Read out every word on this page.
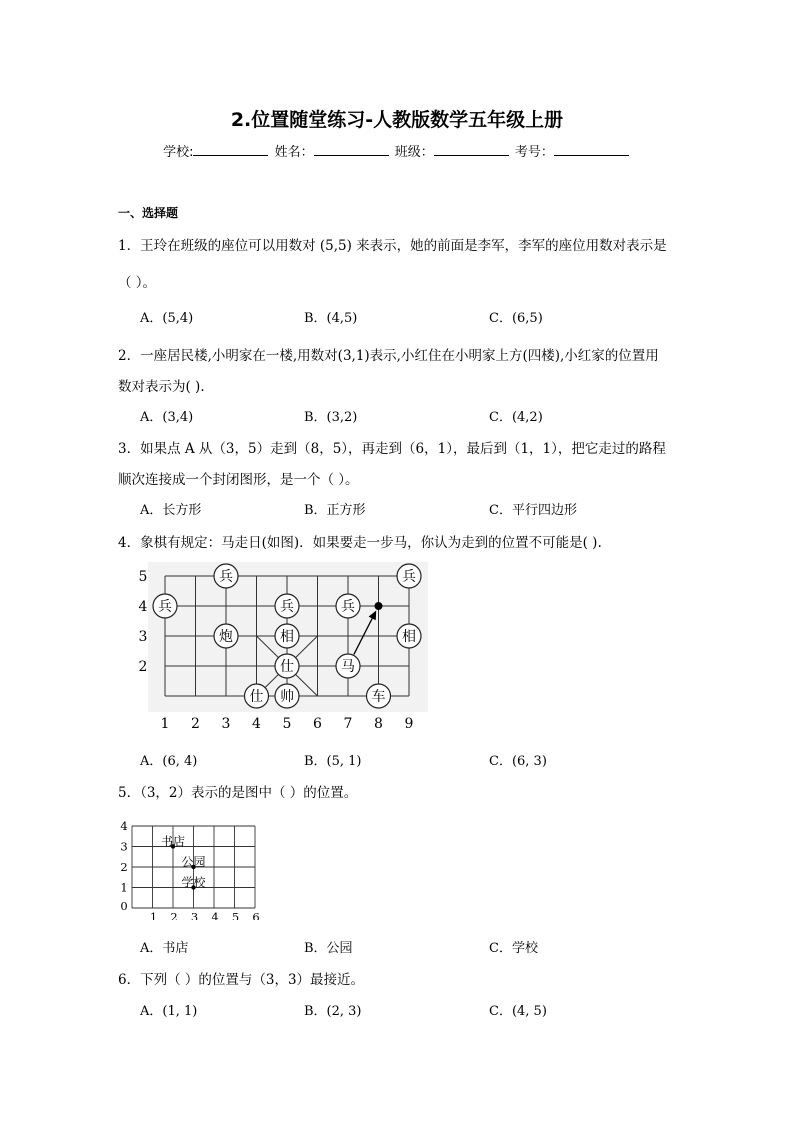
2.位置随堂练习-人教版数学五年级上册
学校:	姓名：	班级：	考号：
一、选择题
1．王玲在班级的座位可以用数对 (5,5) 来表示，她的前面是李军，李军的座位用数对表示是
（ ）。
A．(5,4)	B．(4,5)	C．(6,5)
2．一座居民楼,小明家在一楼,用数对(3,1)表示,小红住在小明家上方(四楼),小红家的位置用
数对表示为( ).
A．(3,4)	B．(3,2)	C．(4,2)
3．如果点 A 从（3，5）走到（8，5），再走到（6，1），最后到（1，1），把它走过的路程
顺次连接成一个封闭图形，是一个（ ）。
A．长方形	B．正方形	C．平行四边形
4．象棋有规定：马走日(如图)．如果要走一步马，你认为走到的位置不可能是( ).
5
4
3
2
1 2 3 4 5 6 7 8 9
兵	兵
兵	兵	兵
炮	相	相
仕	马
仕 帅	车
A．(6, 4)	B．(5, 1)	C．(6, 3)
5．（3，2）表示的是图中（ ）的位置。
4
3
2
1
0
1 2 3 4 5 6
书店
公园
学校
A．书店	B．公园	C．学校
6．下列（ ）的位置与（3，3）最接近。
A．(1, 1)	B．(2, 3)	C．(4, 5)
